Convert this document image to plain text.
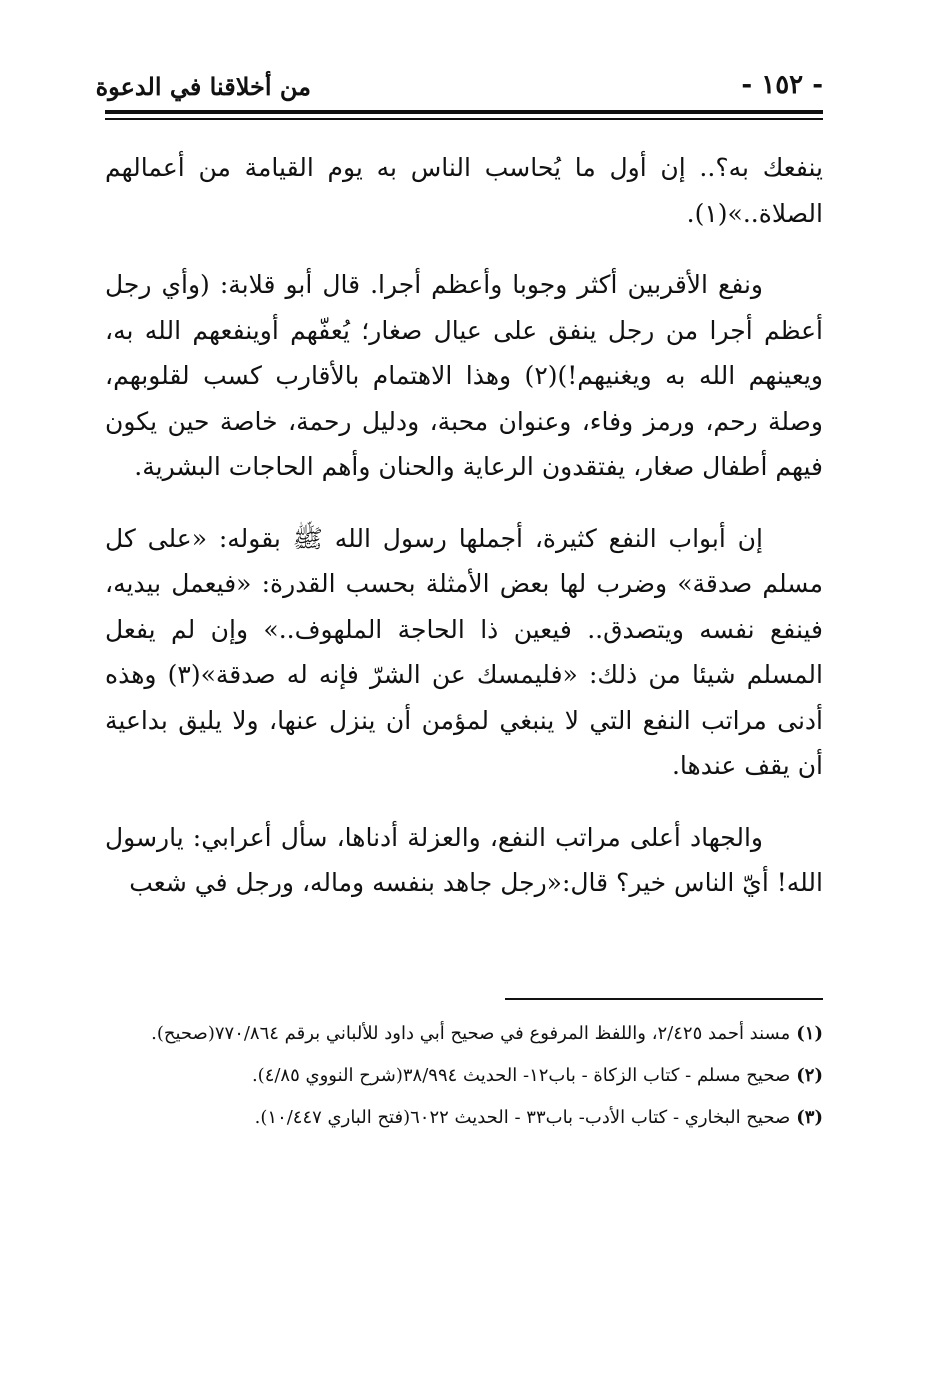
- ١٥٢ -
من أخلاقنا في الدعوة

ينفعك به؟.. إن أول ما يُحاسب الناس به يوم القيامة من أعمالهم الصلاة..»(١).

ونفع الأقربين أكثر وجوبا وأعظم أجرا. قال أبو قلابة: (وأي رجل أعظم أجرا من رجل ينفق على عيال صغار؛ يُعفّهم أوينفعهم الله به، ويعينهم الله به ويغنيهم!)(٢) وهذا الاهتمام بالأقارب كسب لقلوبهم، وصلة رحم، ورمز وفاء، وعنوان محبة، ودليل رحمة، خاصة حين يكون فيهم أطفال صغار، يفتقدون الرعاية والحنان وأهم الحاجات البشرية.

إن أبواب النفع كثيرة، أجملها رسول الله ﷺ بقوله: «على كل مسلم صدقة» وضرب لها بعض الأمثلة بحسب القدرة: «فيعمل بيديه، فينفع نفسه ويتصدق.. فيعين ذا الحاجة الملهوف..» وإن لم يفعل المسلم شيئا من ذلك: «فليمسك عن الشرّ فإنه له صدقة»(٣) وهذه أدنى مراتب النفع التي لا ينبغي لمؤمن أن ينزل عنها، ولا يليق بداعية أن يقف عندها.

والجهاد أعلى مراتب النفع، والعزلة أدناها، سأل أعرابي: يارسول الله! أيّ الناس خير؟ قال:«رجل جاهد بنفسه وماله، ورجل في شعب

(١)مسند أحمد ٢/٤٢٥، واللفظ المرفوع في صحيح أبي داود للألباني برقم ٧٧٠/٨٦٤(صحيح).

(٢)صحيح مسلم - كتاب الزكاة - باب١٢- الحديث ٣٨/٩٩٤(شرح النووي ٤/٨٥).

(٣)صحيح البخاري - كتاب الأدب- باب٣٣ - الحديث ٦٠٢٢(فتح الباري ١٠/٤٤٧).
